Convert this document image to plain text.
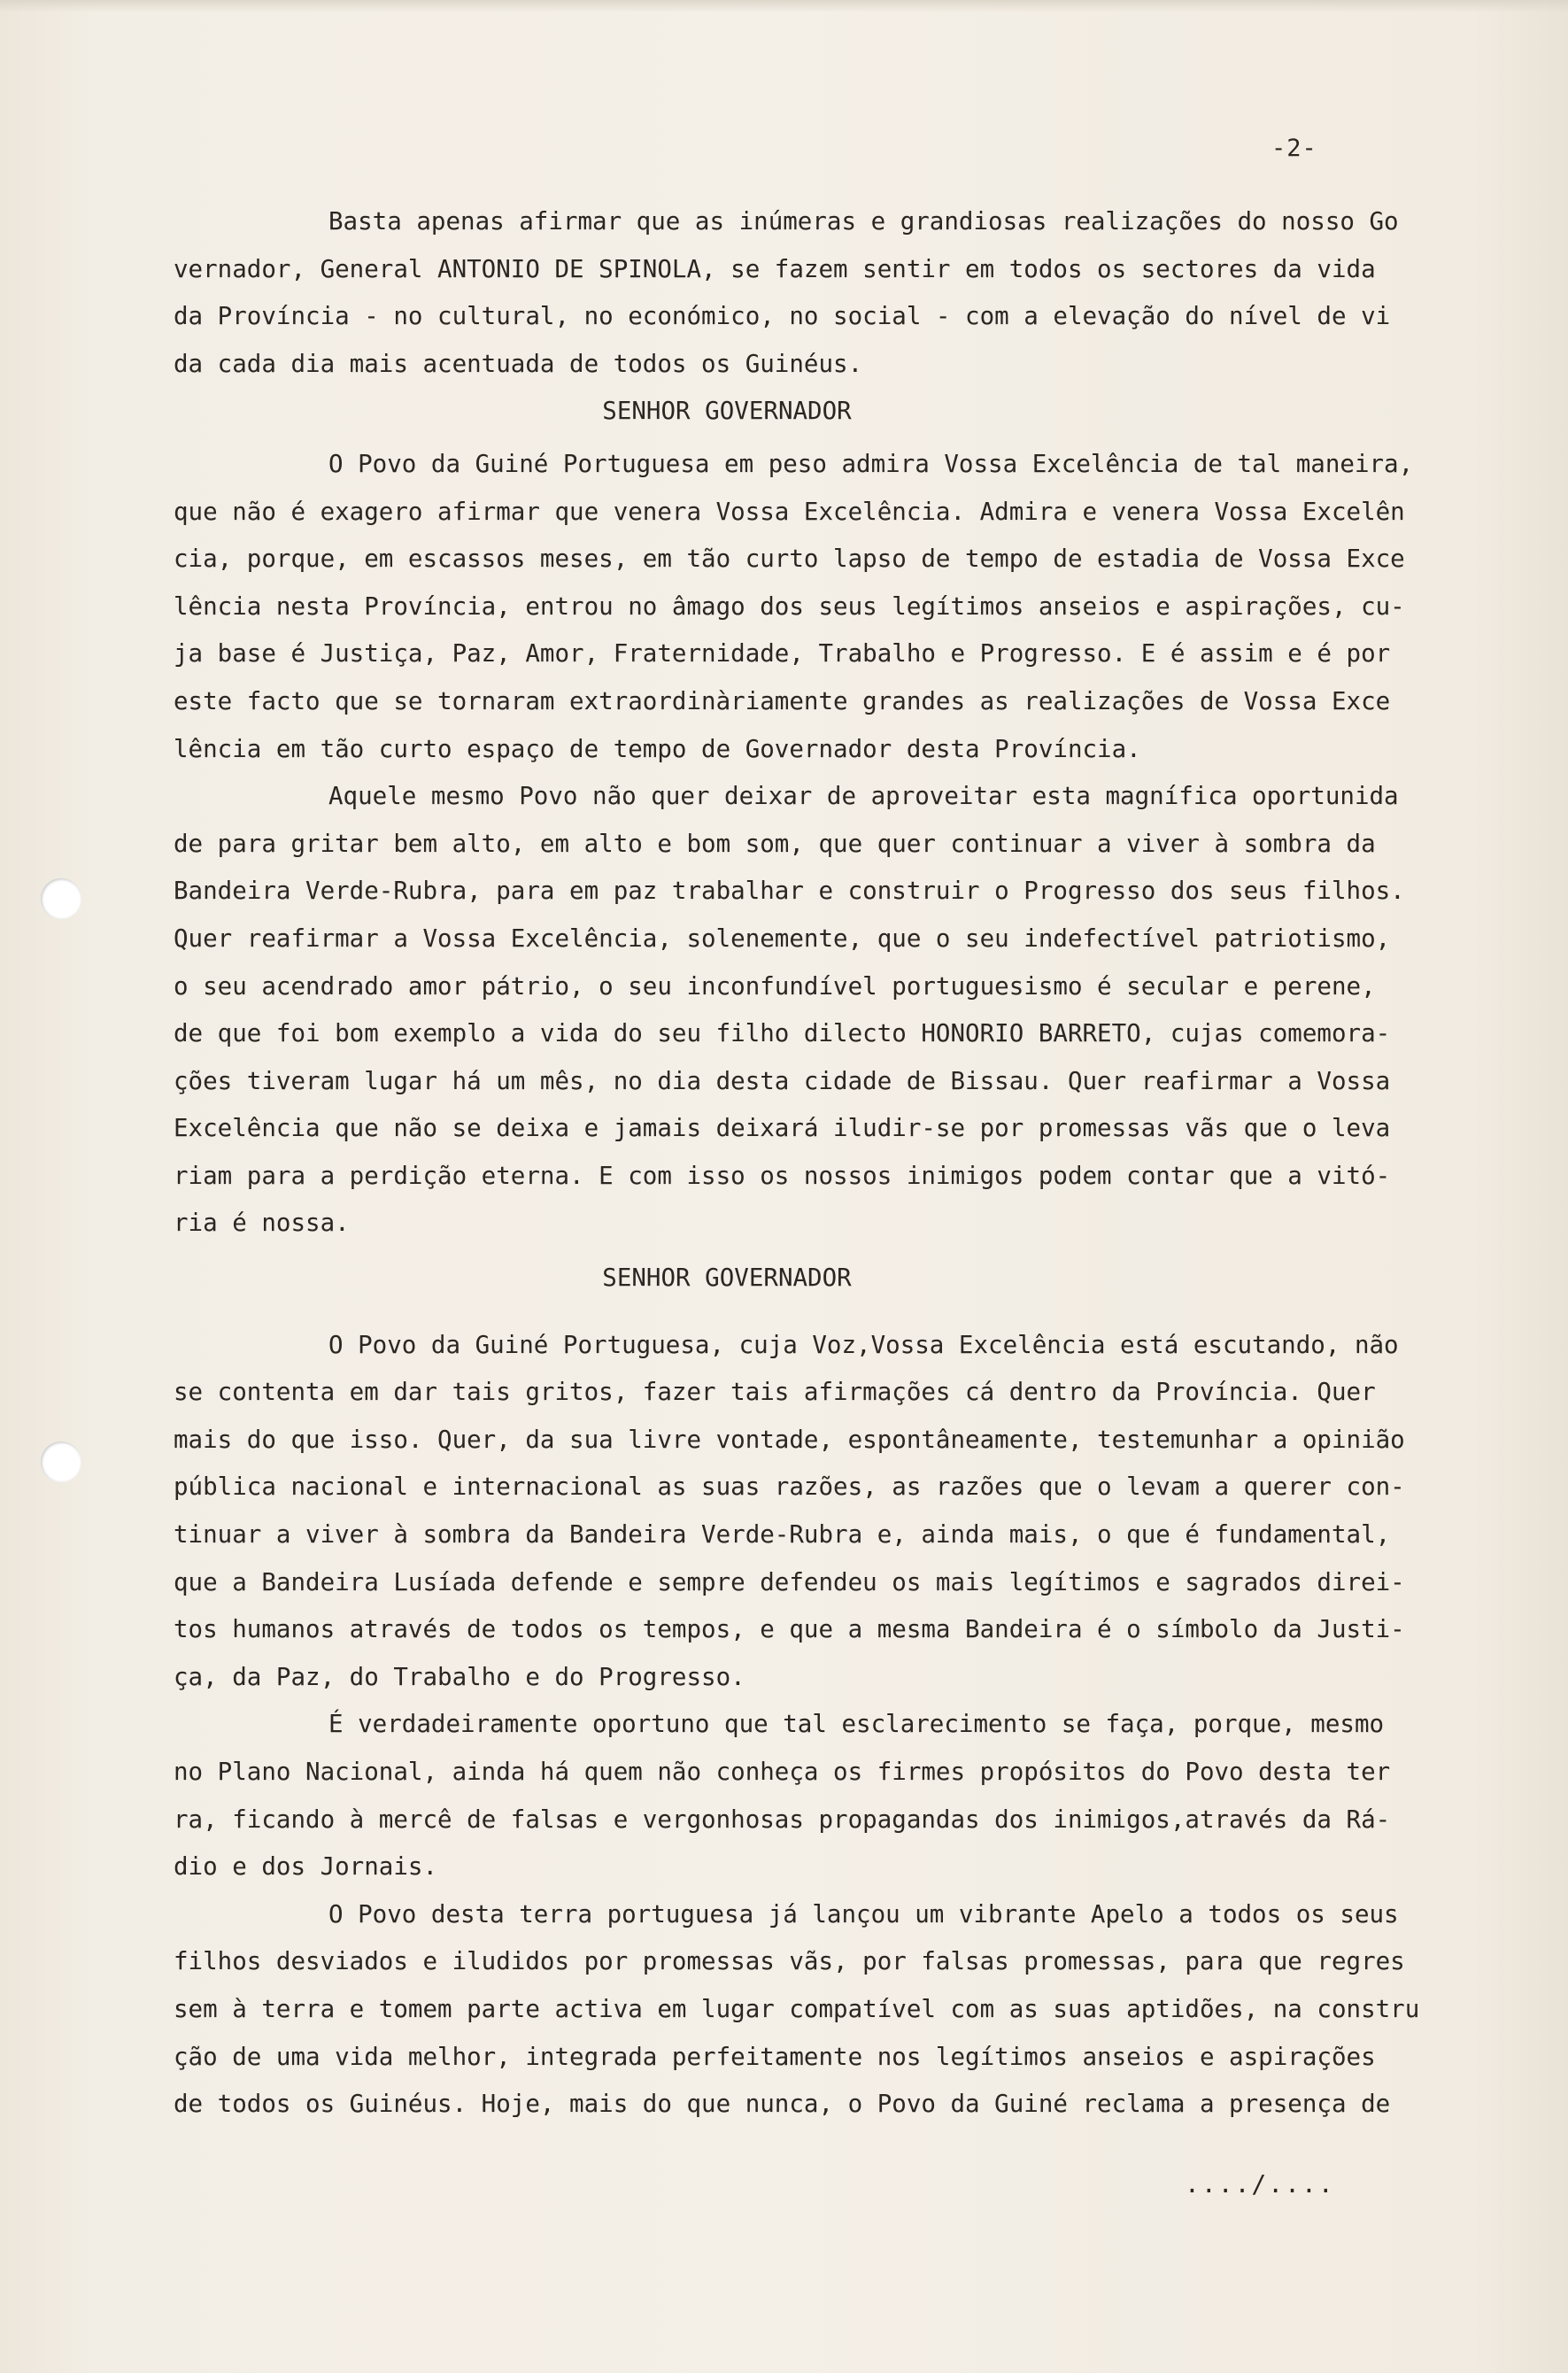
-2-
Basta apenas afirmar que as inúmeras e grandiosas realizações do nosso Go
vernador, General ANTONIO DE SPINOLA, se fazem sentir em todos os sectores da vida
da Província - no cultural, no económico, no social - com a elevação do nível de vi
da cada dia mais acentuada de todos os Guinéus.
SENHOR GOVERNADOR
O Povo da Guiné Portuguesa em peso admira Vossa Excelência de tal maneira,
que não é exagero afirmar que venera Vossa Excelência. Admira e venera Vossa Excelên
cia, porque, em escassos meses, em tão curto lapso de tempo de estadia de Vossa Exce
lência nesta Província, entrou no âmago dos seus legítimos anseios e aspirações, cu-
ja base é Justiça, Paz, Amor, Fraternidade, Trabalho e Progresso. E é assim e é por
este facto que se tornaram extraordinàriamente grandes as realizações de Vossa Exce
lência em tão curto espaço de tempo de Governador desta Província.
Aquele mesmo Povo não quer deixar de aproveitar esta magnífica oportunida
de para gritar bem alto, em alto e bom som, que quer continuar a viver à sombra da
Bandeira Verde-Rubra, para em paz trabalhar e construir o Progresso dos seus filhos.
Quer reafirmar a Vossa Excelência, solenemente, que o seu indefectível patriotismo,
o seu acendrado amor pátrio, o seu inconfundível portuguesismo é secular e perene,
de que foi bom exemplo a vida do seu filho dilecto HONORIO BARRETO, cujas comemora-
ções tiveram lugar há um mês, no dia desta cidade de Bissau. Quer reafirmar a Vossa
Excelência que não se deixa e jamais deixará iludir-se por promessas vãs que o leva
riam para a perdição eterna. E com isso os nossos inimigos podem contar que a vitó-
ria é nossa.
SENHOR GOVERNADOR
O Povo da Guiné Portuguesa, cuja Voz,Vossa Excelência está escutando, não
se contenta em dar tais gritos, fazer tais afirmações cá dentro da Província. Quer
mais do que isso. Quer, da sua livre vontade, espontâneamente, testemunhar a opinião
pública nacional e internacional as suas razões, as razões que o levam a querer con-
tinuar a viver à sombra da Bandeira Verde-Rubra e, ainda mais, o que é fundamental,
que a Bandeira Lusíada defende e sempre defendeu os mais legítimos e sagrados direi-
tos humanos através de todos os tempos, e que a mesma Bandeira é o símbolo da Justi-
ça, da Paz, do Trabalho e do Progresso.
É verdadeiramente oportuno que tal esclarecimento se faça, porque, mesmo
no Plano Nacional, ainda há quem não conheça os firmes propósitos do Povo desta ter
ra, ficando à mercê de falsas e vergonhosas propagandas dos inimigos,através da Rá-
dio e dos Jornais.
O Povo desta terra portuguesa já lançou um vibrante Apelo a todos os seus
filhos desviados e iludidos por promessas vãs, por falsas promessas, para que regres
sem à terra e tomem parte activa em lugar compatível com as suas aptidões, na constru
ção de uma vida melhor, integrada perfeitamente nos legítimos anseios e aspirações
de todos os Guinéus. Hoje, mais do que nunca, o Povo da Guiné reclama a presença de
..../....
